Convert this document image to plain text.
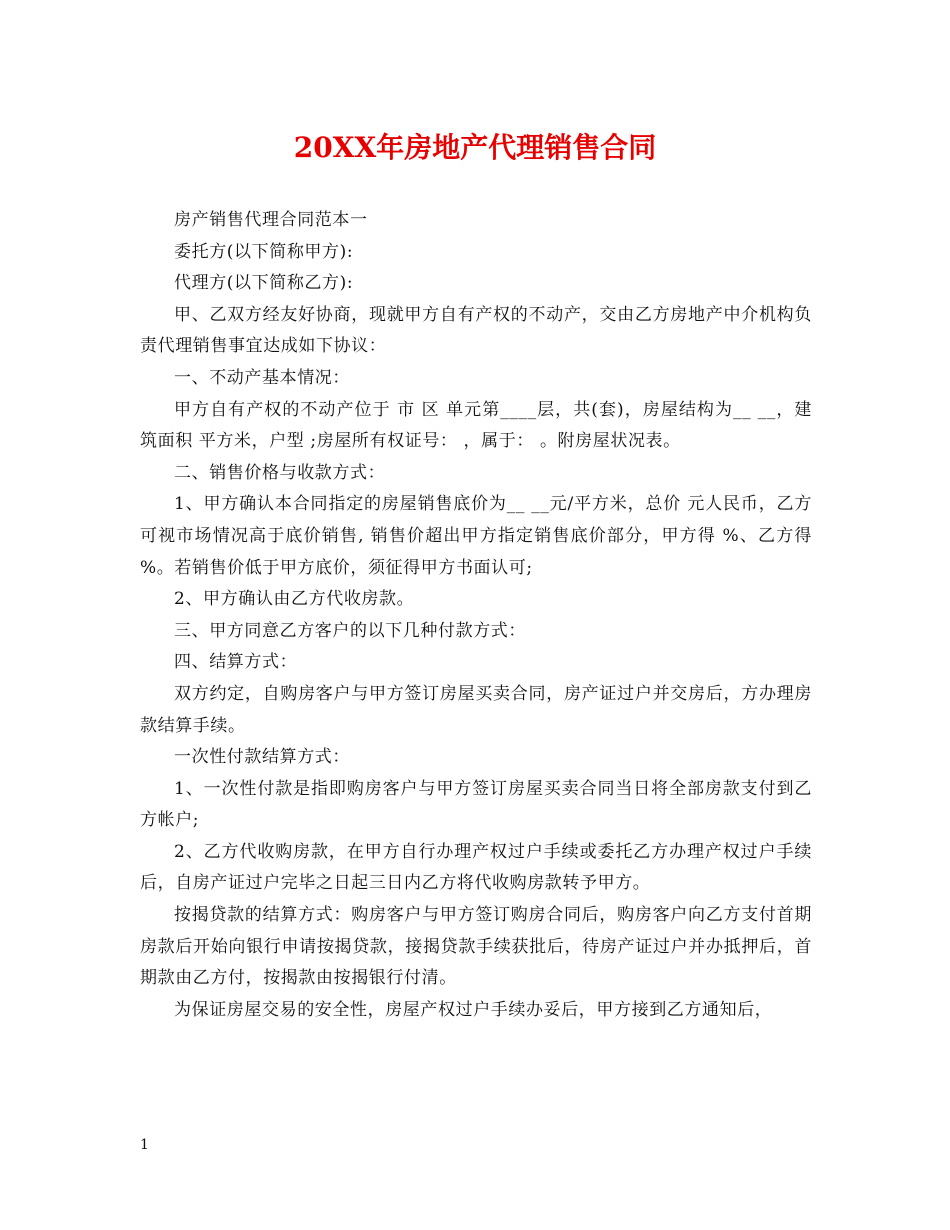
20XX年房地产代理销售合同

房产销售代理合同范本一

委托方(以下简称甲方):

代理方(以下简称乙方):

甲、乙双方经友好协商，现就甲方自有产权的不动产，交由乙方房地产中介机构负责代理销售事宜达成如下协议：

一、不动产基本情况：

甲方自有产权的不动产位于 市 区 单元第____层，共(套)，房屋结构为__ __，建筑面积 平方米，户型 ;房屋所有权证号： ，属于： 。附房屋状况表。

二、销售价格与收款方式：

1、甲方确认本合同指定的房屋销售底价为__ __元/平方米，总价 元人民币，乙方可视市场情况高于底价销售, 销售价超出甲方指定销售底价部分，甲方得 %、乙方得 %。若销售价低于甲方底价，须征得甲方书面认可;

2、甲方确认由乙方代收房款。

三、甲方同意乙方客户的以下几种付款方式：

四、结算方式：

双方约定，自购房客户与甲方签订房屋买卖合同，房产证过户并交房后，方办理房款结算手续。

一次性付款结算方式：

1、一次性付款是指即购房客户与甲方签订房屋买卖合同当日将全部房款支付到乙方帐户;

2、乙方代收购房款，在甲方自行办理产权过户手续或委托乙方办理产权过户手续后，自房产证过户完毕之日起三日内乙方将代收购房款转予甲方。

按揭贷款的结算方式：购房客户与甲方签订购房合同后，购房客户向乙方支付首期房款后开始向银行申请按揭贷款，接揭贷款手续获批后，待房产证过户并办抵押后，首期款由乙方付，按揭款由按揭银行付清。

为保证房屋交易的安全性，房屋产权过户手续办妥后，甲方接到乙方通知后，

1
